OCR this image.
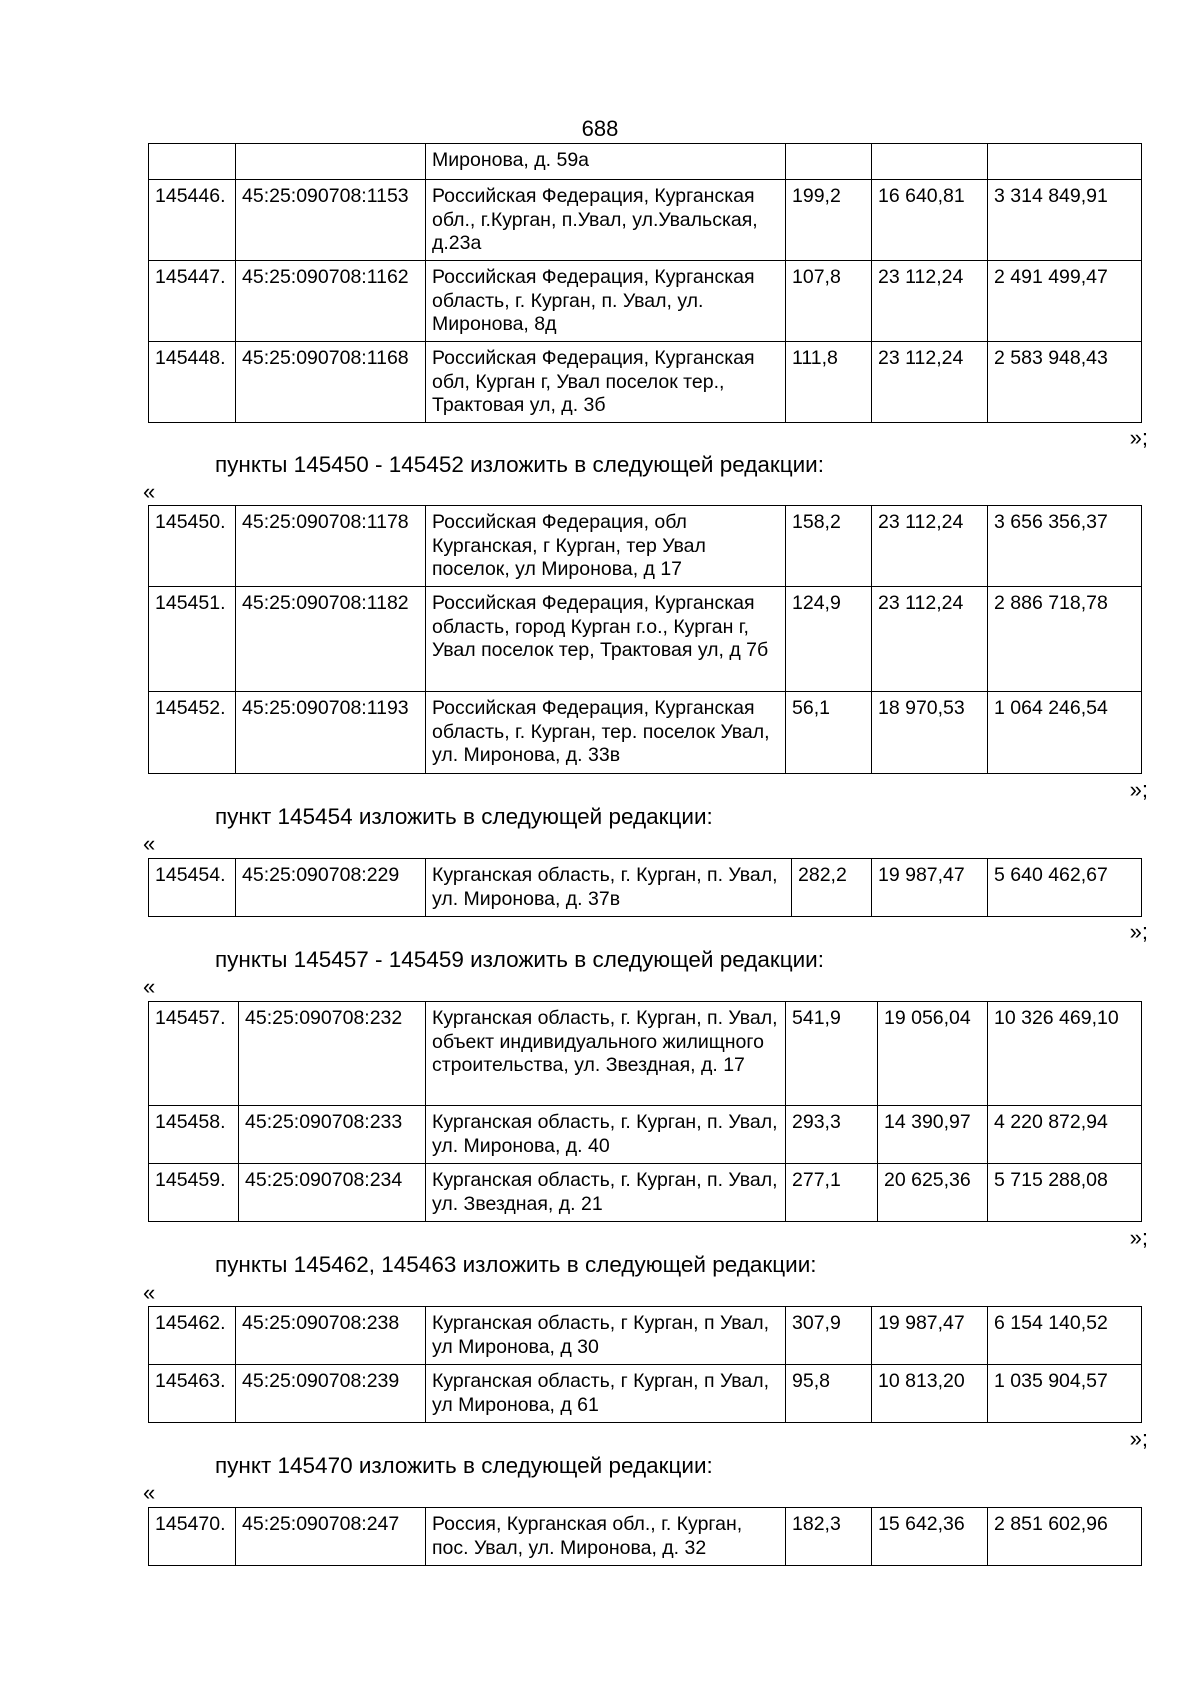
688
		Миронова, д. 59а			
145446.	45:25:090708:1153	Российская Федерация, Курганская обл., г.Курган, п.Увал, ул.Увальская, д.23а	199,2	16 640,81	3 314 849,91
145447.	45:25:090708:1162	Российская Федерация, Курганская область, г. Курган, п. Увал, ул. Миронова, 8д	107,8	23 112,24	2 491 499,47
145448.	45:25:090708:1168	Российская Федерация, Курганская обл, Курган г, Увал поселок тер., Трактовая ул, д. 3б	111,8	23 112,24	2 583 948,43
»;
пункты 145450 - 145452 изложить в следующей редакции:
«
145450.	45:25:090708:1178	Российская Федерация, обл Курганская, г Курган, тер Увал поселок, ул Миронова, д 17	158,2	23 112,24	3 656 356,37
145451.	45:25:090708:1182	Российская Федерация, Курганская область, город Курган г.о., Курган г, Увал поселок тер, Трактовая ул, д 7б	124,9	23 112,24	2 886 718,78
145452.	45:25:090708:1193	Российская Федерация, Курганская область, г. Курган, тер. поселок Увал, ул. Миронова, д. 33в	56,1	18 970,53	1 064 246,54
»;
пункт 145454 изложить в следующей редакции:
«
145454.	45:25:090708:229	Курганская область, г. Курган, п. Увал, ул. Миронова, д. 37в	282,2	19 987,47	5 640 462,67
»;
пункты 145457 - 145459 изложить в следующей редакции:
«
145457.	45:25:090708:232	Курганская область, г. Курган, п. Увал, объект индивидуального жилищного строительства, ул. Звездная, д. 17	541,9	19 056,04	10 326 469,10
145458.	45:25:090708:233	Курганская область, г. Курган, п. Увал, ул. Миронова, д. 40	293,3	14 390,97	4 220 872,94
145459.	45:25:090708:234	Курганская область, г. Курган, п. Увал, ул. Звездная, д. 21	277,1	20 625,36	5 715 288,08
»;
пункты 145462, 145463 изложить в следующей редакции:
«
145462.	45:25:090708:238	Курганская область, г Курган, п Увал, ул Миронова, д 30	307,9	19 987,47	6 154 140,52
145463.	45:25:090708:239	Курганская область, г Курган, п Увал, ул Миронова, д 61	95,8	10 813,20	1 035 904,57
»;
пункт 145470 изложить в следующей редакции:
«
145470.	45:25:090708:247	Россия, Курганская обл., г. Курган, пос. Увал, ул. Миронова, д. 32	182,3	15 642,36	2 851 602,96
